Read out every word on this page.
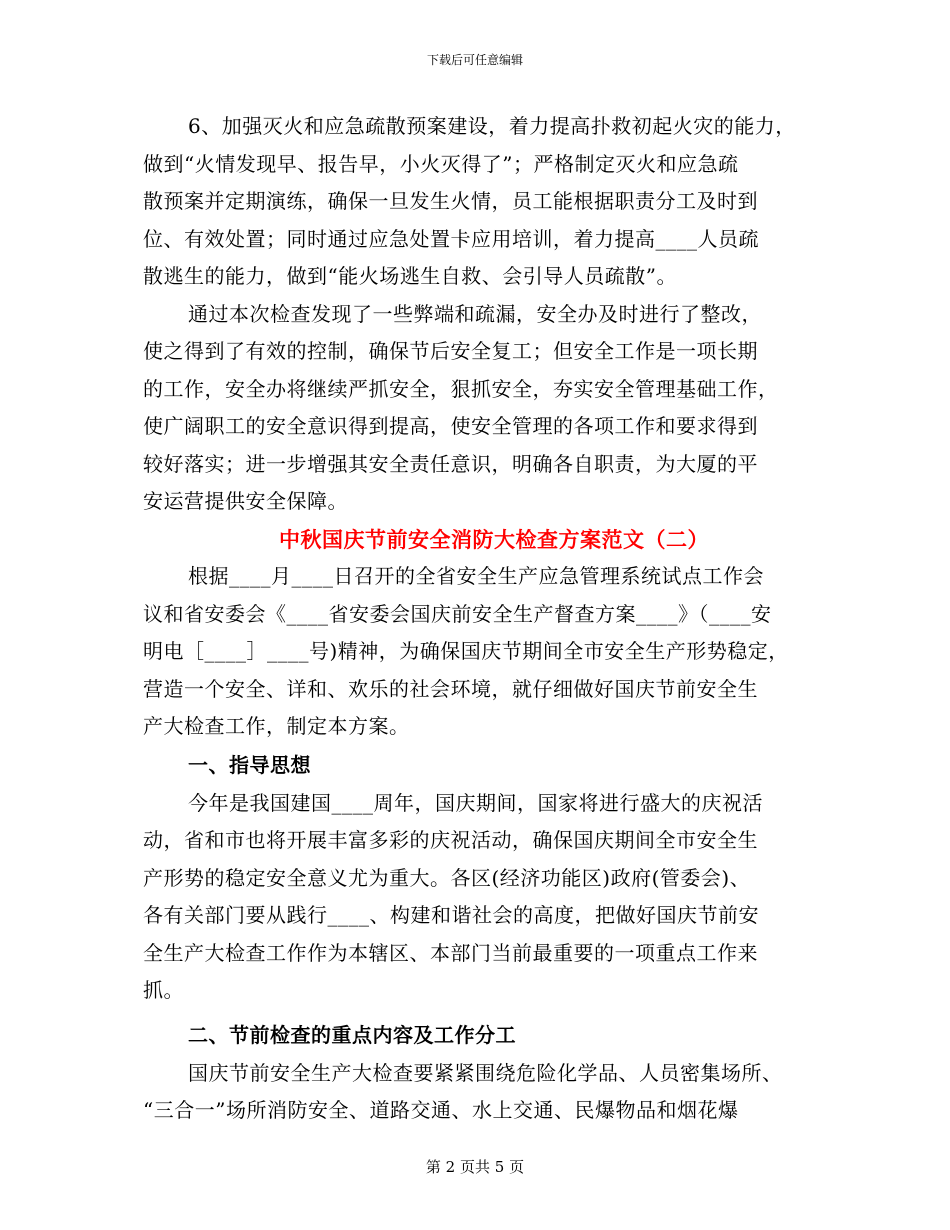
下载后可任意编辑
6、加强灭火和应急疏散预案建设，着力提高扑救初起火灾的能力，
做到“火情发现早、报告早，小火灭得了”；严格制定灭火和应急疏
散预案并定期演练，确保一旦发生火情，员工能根据职责分工及时到
位、有效处置；同时通过应急处置卡应用培训，着力提高____人员疏
散逃生的能力，做到“能火场逃生自救、会引导人员疏散”。
通过本次检查发现了一些弊端和疏漏，安全办及时进行了整改，
使之得到了有效的控制，确保节后安全复工；但安全工作是一项长期
的工作，安全办将继续严抓安全，狠抓安全，夯实安全管理基础工作，
使广阔职工的安全意识得到提高，使安全管理的各项工作和要求得到
较好落实；进一步增强其安全责任意识，明确各自职责，为大厦的平
安运营提供安全保障。
中秋国庆节前安全消防大检查方案范文（二）
根据____月____日召开的全省安全生产应急管理系统试点工作会
议和省安委会《____省安委会国庆前安全生产督查方案____》（____安
明电［____］____号)精神，为确保国庆节期间全市安全生产形势稳定，
营造一个安全、详和、欢乐的社会环境，就仔细做好国庆节前安全生
产大检查工作，制定本方案。
一、指导思想
今年是我国建国____周年，国庆期间，国家将进行盛大的庆祝活
动，省和市也将开展丰富多彩的庆祝活动，确保国庆期间全市安全生
产形势的稳定安全意义尤为重大。各区(经济功能区)政府(管委会)、
各有关部门要从践行____、构建和谐社会的高度，把做好国庆节前安
全生产大检查工作作为本辖区、本部门当前最重要的一项重点工作来
抓。
二、节前检查的重点内容及工作分工
国庆节前安全生产大检查要紧紧围绕危险化学品、人员密集场所、
“三合一”场所消防安全、道路交通、水上交通、民爆物品和烟花爆
第 2 页共 5 页
